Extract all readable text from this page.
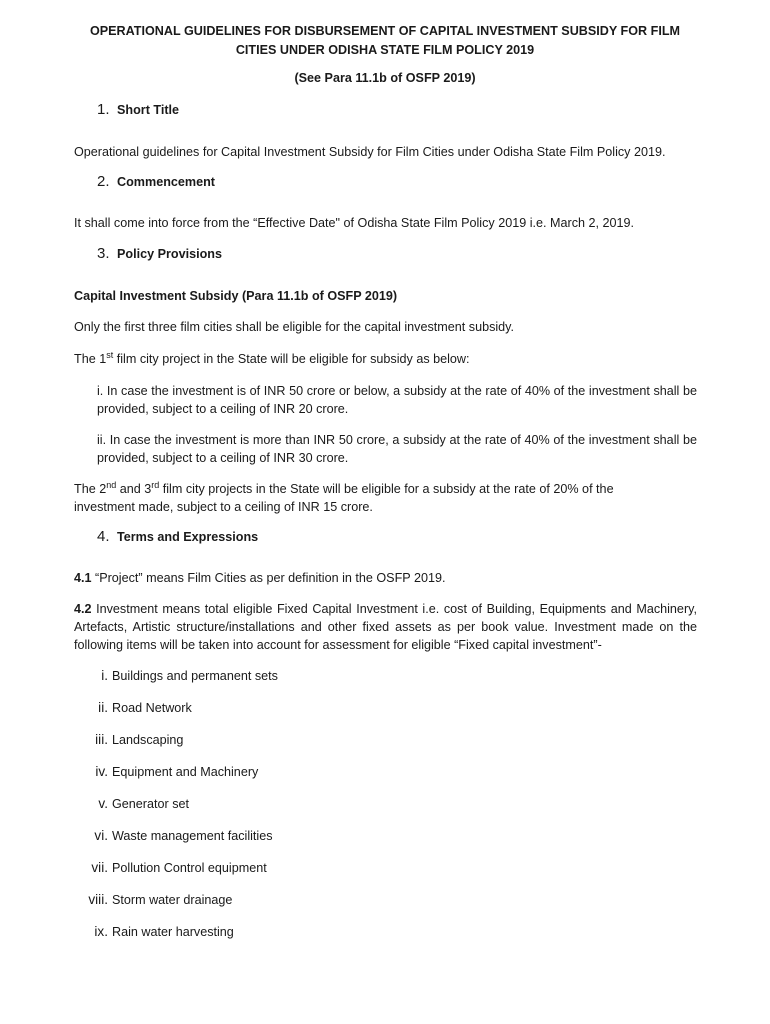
OPERATIONAL GUIDELINES FOR DISBURSEMENT OF CAPITAL INVESTMENT SUBSIDY FOR FILM
CITIES UNDER ODISHA STATE FILM POLICY 2019
(See Para 11.1b of OSFP 2019)
1. Short Title
Operational guidelines for Capital Investment Subsidy for Film Cities under Odisha State Film Policy 2019.
2. Commencement
It shall come into force from the “Effective Date" of Odisha State Film Policy 2019 i.e. March 2, 2019.
3. Policy Provisions
Capital Investment Subsidy (Para 11.1b of OSFP 2019)
Only the first three film cities shall be eligible for the capital investment subsidy.
The 1st film city project in the State will be eligible for subsidy as below:
i. In case the investment is of INR 50 crore or below, a subsidy at the rate of 40% of the investment shall be provided, subject to a ceiling of INR 20 crore.
ii. In case the investment is more than INR 50 crore, a subsidy at the rate of 40% of the investment shall be provided, subject to a ceiling of INR 30 crore.
The 2nd and 3rd film city projects in the State will be eligible for a subsidy at the rate of 20% of the investment made, subject to a ceiling of INR 15 crore.
4. Terms and Expressions
4.1 “Project” means Film Cities as per definition in the OSFP 2019.
4.2 Investment means total eligible Fixed Capital Investment i.e. cost of Building, Equipments and Machinery, Artefacts, Artistic structure/installations and other fixed assets as per book value. Investment made on the following items will be taken into account for assessment for eligible “Fixed capital investment”-
i. Buildings and permanent sets
ii. Road Network
iii. Landscaping
iv. Equipment and Machinery
v. Generator set
vi. Waste management facilities
vii. Pollution Control equipment
viii. Storm water drainage
ix. Rain water harvesting
